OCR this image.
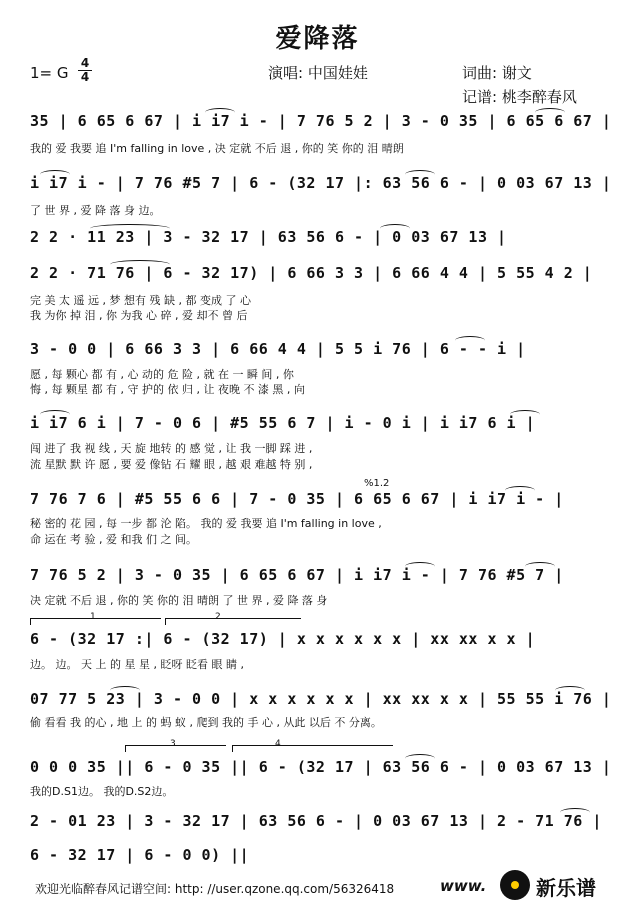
爱降落
1= G
4
4	演唱: 中国娃娃	词曲: 谢文
记谱: 桃李醉春风
35 | 6 65 6 67 | i i7 i - | 7 76 5 2 | 3 - 0 35 | 6 65 6 67 |
我的 爱 我要 追 I'm falling in love , 决 定就 不后 退 , 你的 笑 你的 泪 晴朗
i i7 i - | 7 76 #5 7 | 6 - (32 17 |: 63 56 6 - | 0 03 67 13 |
了 世 界 , 爱 降 落 身 边。
2 2 · 11 23 | 3 - 32 17 | 63 56 6 - | 0 03 67 13 |
2 2 · 71 76 | 6 - 32 17) | 6 66 3 3 | 6 66 4 4 | 5 55 4 2 |
完 美 太 遥 远 , 梦 想有 残 缺 , 都 变成 了 心
我 为你 掉 泪 , 你 为我 心 碎 , 爱 却不 曾 后
3 - 0 0 | 6 66 3 3 | 6 66 4 4 | 5 5 i 76 | 6 - - i |
愿 , 每 颗心 都 有 , 心 动的 危 险 , 就 在 一 瞬 间 , 你
悔 , 每 颗星 都 有 , 守 护的 依 归 , 让 夜晚 不 漆 黑 , 向
i i7 6 i | 7 - 0 6 | #5 55 6 7 | i - 0 i | i i7 6 i |
闯 进了 我 视 线 , 天 旋 地转 的 感 觉 , 让 我 一脚 踩 进 ,
流 星默 默 许 愿 , 要 爱 像钻 石 耀 眼 , 越 艰 难越 特 别 ,
%1.2
7 76 7 6 | #5 55 6 6 | 7 - 0 35 | 6 65 6 67 | i i7 i - |
秘 密的 花 园 , 每 一步 都 沦 陷。 我的 爱 我要 追 I'm falling in love ,
命 运在 考 验 , 爱 和我 们 之 间。
7 76 5 2 | 3 - 0 35 | 6 65 6 67 | i i7 i - | 7 76 #5 7 |
决 定就 不后 退 , 你的 笑 你的 泪 晴朗 了 世 界 , 爱 降 落 身
1	2
6 - (32 17 :| 6 - (32 17) | x x x x x x | xx xx x x |
边。 边。 天 上 的 星 星 , 眨呀 眨看 眼 睛 ,
07 77 5 23 | 3 - 0 0 | x x x x x x | xx xx x x | 55 55 i 76 |
偷 看看 我 的心 , 地 上 的 蚂 蚁 , 爬到 我的 手 心 , 从此 以后 不 分离。
3	4
0 0 0 35 || 6 - 0 35 || 6 - (32 17 | 63 56 6 - | 0 03 67 13 |
我的D.S1边。 我的D.S2边。
2 - 01 23 | 3 - 32 17 | 63 56 6 - | 0 03 67 13 | 2 - 71 76 |
6 - 32 17 | 6 - 0 0) ||
欢迎光临醉春风记谱空间: http: //user.qzone.qq.com/56326418	www. 新乐谱
